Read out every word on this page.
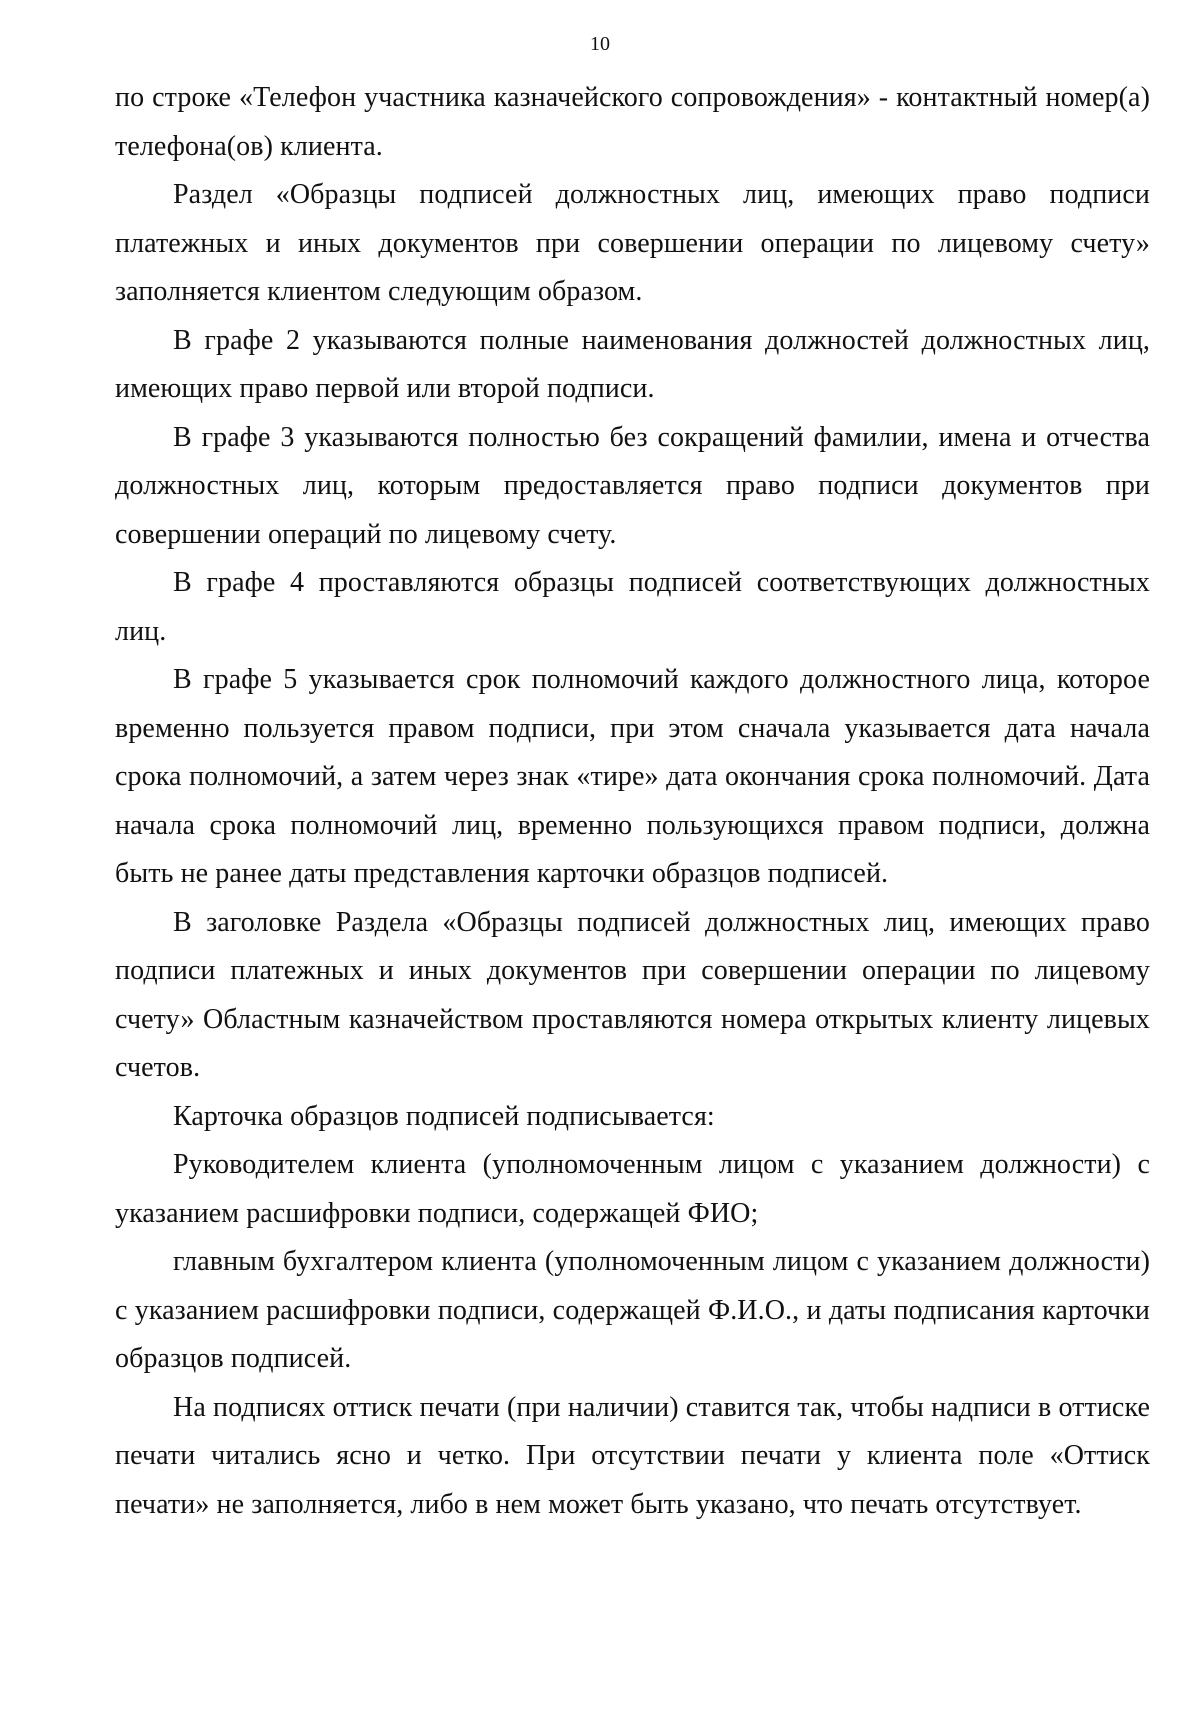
10

по строке «Телефон участника казначейского сопровождения» - контактный номер(а) телефона(ов) клиента.

Раздел «Образцы подписей должностных лиц, имеющих право подписи платежных и иных документов при совершении операции по лицевому счету» заполняется клиентом следующим образом.

В графе 2 указываются полные наименования должностей должностных лиц, имеющих право первой или второй подписи.

В графе 3 указываются полностью без сокращений фамилии, имена и отчества должностных лиц, которым предоставляется право подписи документов при совершении операций по лицевому счету.

В графе 4 проставляются образцы подписей соответствующих должностных лиц.

В графе 5 указывается срок полномочий каждого должностного лица, которое временно пользуется правом подписи, при этом сначала указывается дата начала срока полномочий, а затем через знак «тире» дата окончания срока полномочий. Дата начала срока полномочий лиц, временно пользующихся правом подписи, должна быть не ранее даты представления карточки образцов подписей.

В заголовке Раздела «Образцы подписей должностных лиц, имеющих право подписи платежных и иных документов при совершении операции по лицевому счету» Областным казначейством проставляются номера открытых клиенту лицевых счетов.

Карточка образцов подписей подписывается:

Руководителем клиента (уполномоченным лицом с указанием должности) с указанием расшифровки подписи, содержащей ФИО;

главным бухгалтером клиента (уполномоченным лицом с указанием должности) с указанием расшифровки подписи, содержащей Ф.И.О., и даты подписания карточки образцов подписей.

На подписях оттиск печати (при наличии) ставится так, чтобы надписи в оттиске печати читались ясно и четко. При отсутствии печати у клиента поле «Оттиск печати» не заполняется, либо в нем может быть указано, что печать отсутствует.
